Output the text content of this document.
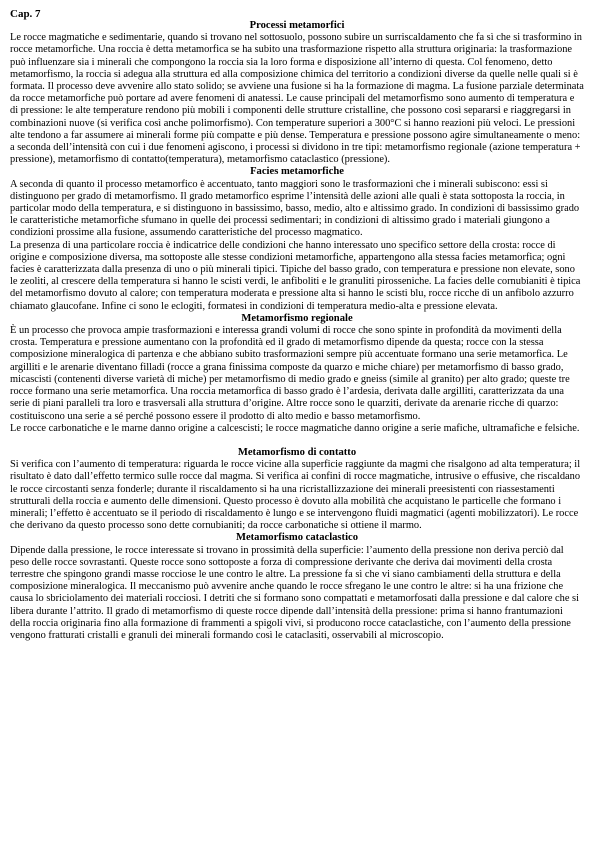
Cap. 7
Processi metamorfici

Le rocce magmatiche e sedimentarie, quando si trovano nel sottosuolo, possono subire un surriscaldamento che fa sì che si trasformino in rocce metamorfiche. Una roccia è detta metamorfica se ha subito una trasformazione rispetto alla struttura originaria: la trasformazione può influenzare sia i minerali che compongono la roccia sia la loro forma e disposizione all’interno di questa. Col fenomeno, detto metamorfismo, la roccia si adegua alla struttura ed alla composizione chimica del territorio a condizioni diverse da quelle nelle quali si è formata. Il processo deve avvenire allo stato solido; se avviene una fusione si ha la formazione di magma. La fusione parziale determinata da rocce metamorfiche può portare ad avere fenomeni di anatessi. Le cause principali del metamorfismo sono aumento di temperatura e di pressione: le alte temperature rendono più mobili i componenti delle strutture cristalline, che possono così separarsi e riaggregarsi in combinazioni nuove (si verifica così anche polimorfismo). Con temperature superiori a 300°C si hanno reazioni più veloci. Le pressioni alte tendono a far assumere ai minerali forme più compatte e più dense. Temperatura e pressione possono agire simultaneamente o meno: a seconda dell’intensità con cui i due fenomeni agiscono, i processi si dividono in tre tipi: metamorfismo regionale (azione temperatura + pressione), metamorfismo di contatto(temperatura), metamorfismo cataclastico (pressione).

Facies metamorfiche

A seconda di quanto il processo metamorfico è accentuato, tanto maggiori sono le trasformazioni che i minerali subiscono: essi si distinguono per grado di metamorfismo. Il grado metamorfico esprime l’intensità delle azioni alle quali è stata sottoposta la roccia, in particolar modo della temperatura, e si distinguono in bassissimo, basso, medio, alto e altissimo grado. In condizioni di bassissimo grado le caratteristiche metamorfiche sfumano in quelle dei processi sedimentari; in condizioni di altissimo grado i materiali giungono a condizioni prossime alla fusione, assumendo caratteristiche del processo magmatico.

La presenza di una particolare roccia è indicatrice delle condizioni che hanno interessato uno specifico settore della crosta: rocce di origine e composizione diversa, ma sottoposte alle stesse condizioni metamorfiche, appartengono alla stessa facies metamorfica; ogni facies è caratterizzata dalla presenza di uno o più minerali tipici. Tipiche del basso grado, con temperatura e pressione non elevate, sono le zeoliti, al crescere della temperatura si hanno le scisti verdi, le anfiboliti e le granuliti pirosseniche. La facies delle cornubianiti è tipica del metamorfismo dovuto al calore; con temperatura moderata e pressione alta si hanno le scisti blu, rocce ricche di un anfibolo azzurro chiamato glaucofane. Infine ci sono le eclogiti, formatesi in condizioni di temperatura medio-alta e pressione elevata.

Metamorfismo regionale

È un processo che provoca ampie trasformazioni e interessa grandi volumi di rocce che sono spinte in profondità da movimenti della crosta. Temperatura e pressione aumentano con la profondità ed il grado di metamorfismo dipende da questa; rocce con la stessa composizione mineralogica di partenza e che abbiano subito trasformazioni sempre più accentuate formano una serie metamorfica. Le argilliti e le arenarie diventano filladi (rocce a grana finissima composte da quarzo e miche chiare) per metamorfismo di basso grado, micascisti (contenenti diverse varietà di miche) per metamorfismo di medio grado e gneiss (simile al granito) per alto grado; queste tre rocce formano una serie metamorfica. Una roccia metamorfica di basso grado è l’ardesia, derivata dalle argilliti, caratterizzata da una serie di piani paralleli tra loro e trasversali alla struttura d’origine. Altre rocce sono le quarziti, derivate da arenarie ricche di quarzo: costituiscono una serie a sé perché possono essere il prodotto di alto medio e basso metamorfismo.

Le rocce carbonatiche e le marne danno origine a calcescisti; le rocce magmatiche danno origine a serie mafiche, ultramafiche e felsiche.

Metamorfismo di contatto

Si verifica con l’aumento di temperatura: riguarda le rocce vicine alla superficie raggiunte da magmi che risalgono ad alta temperatura; il risultato è dato dall’effetto termico sulle rocce dal magma. Si verifica ai confini di rocce magmatiche, intrusive o effusive, che riscaldano le rocce circostanti senza fonderle; durante il riscaldamento si ha una ricristallizzazione dei minerali preesistenti con riassestamenti strutturali della roccia e aumento delle dimensioni. Questo processo è dovuto alla mobilità che acquistano le particelle che formano i minerali; l’effetto è accentuato se il periodo di riscaldamento è lungo e se intervengono fluidi magmatici (agenti mobilizzatori). Le rocce che derivano da questo processo sono dette cornubianiti; da rocce carbonatiche si ottiene il marmo.

Metamorfismo cataclastico

Dipende dalla pressione, le rocce interessate si trovano in prossimità della superficie: l’aumento della pressione non deriva perciò dal peso delle rocce sovrastanti. Queste rocce sono sottoposte a forza di compressione derivante che deriva dai movimenti della crosta terrestre che spingono grandi masse rocciose le une contro le altre. La pressione fa sì che vi siano cambiamenti della struttura e della composizione mineralogica. Il meccanismo può avvenire anche quando le rocce sfregano le une contro le altre: si ha una frizione che causa lo sbriciolamento dei materiali rocciosi. I detriti che si formano sono compattati e metamorfosati dalla pressione e dal calore che si libera durante l’attrito. Il grado di metamorfismo di queste rocce dipende dall’intensità della pressione: prima si hanno frantumazioni della roccia originaria fino alla formazione di frammenti a spigoli vivi, si producono rocce cataclastiche, con l’aumento della pressione vengono fratturati cristalli e granuli dei minerali formando così le cataclasiti, osservabili al microscopio.
